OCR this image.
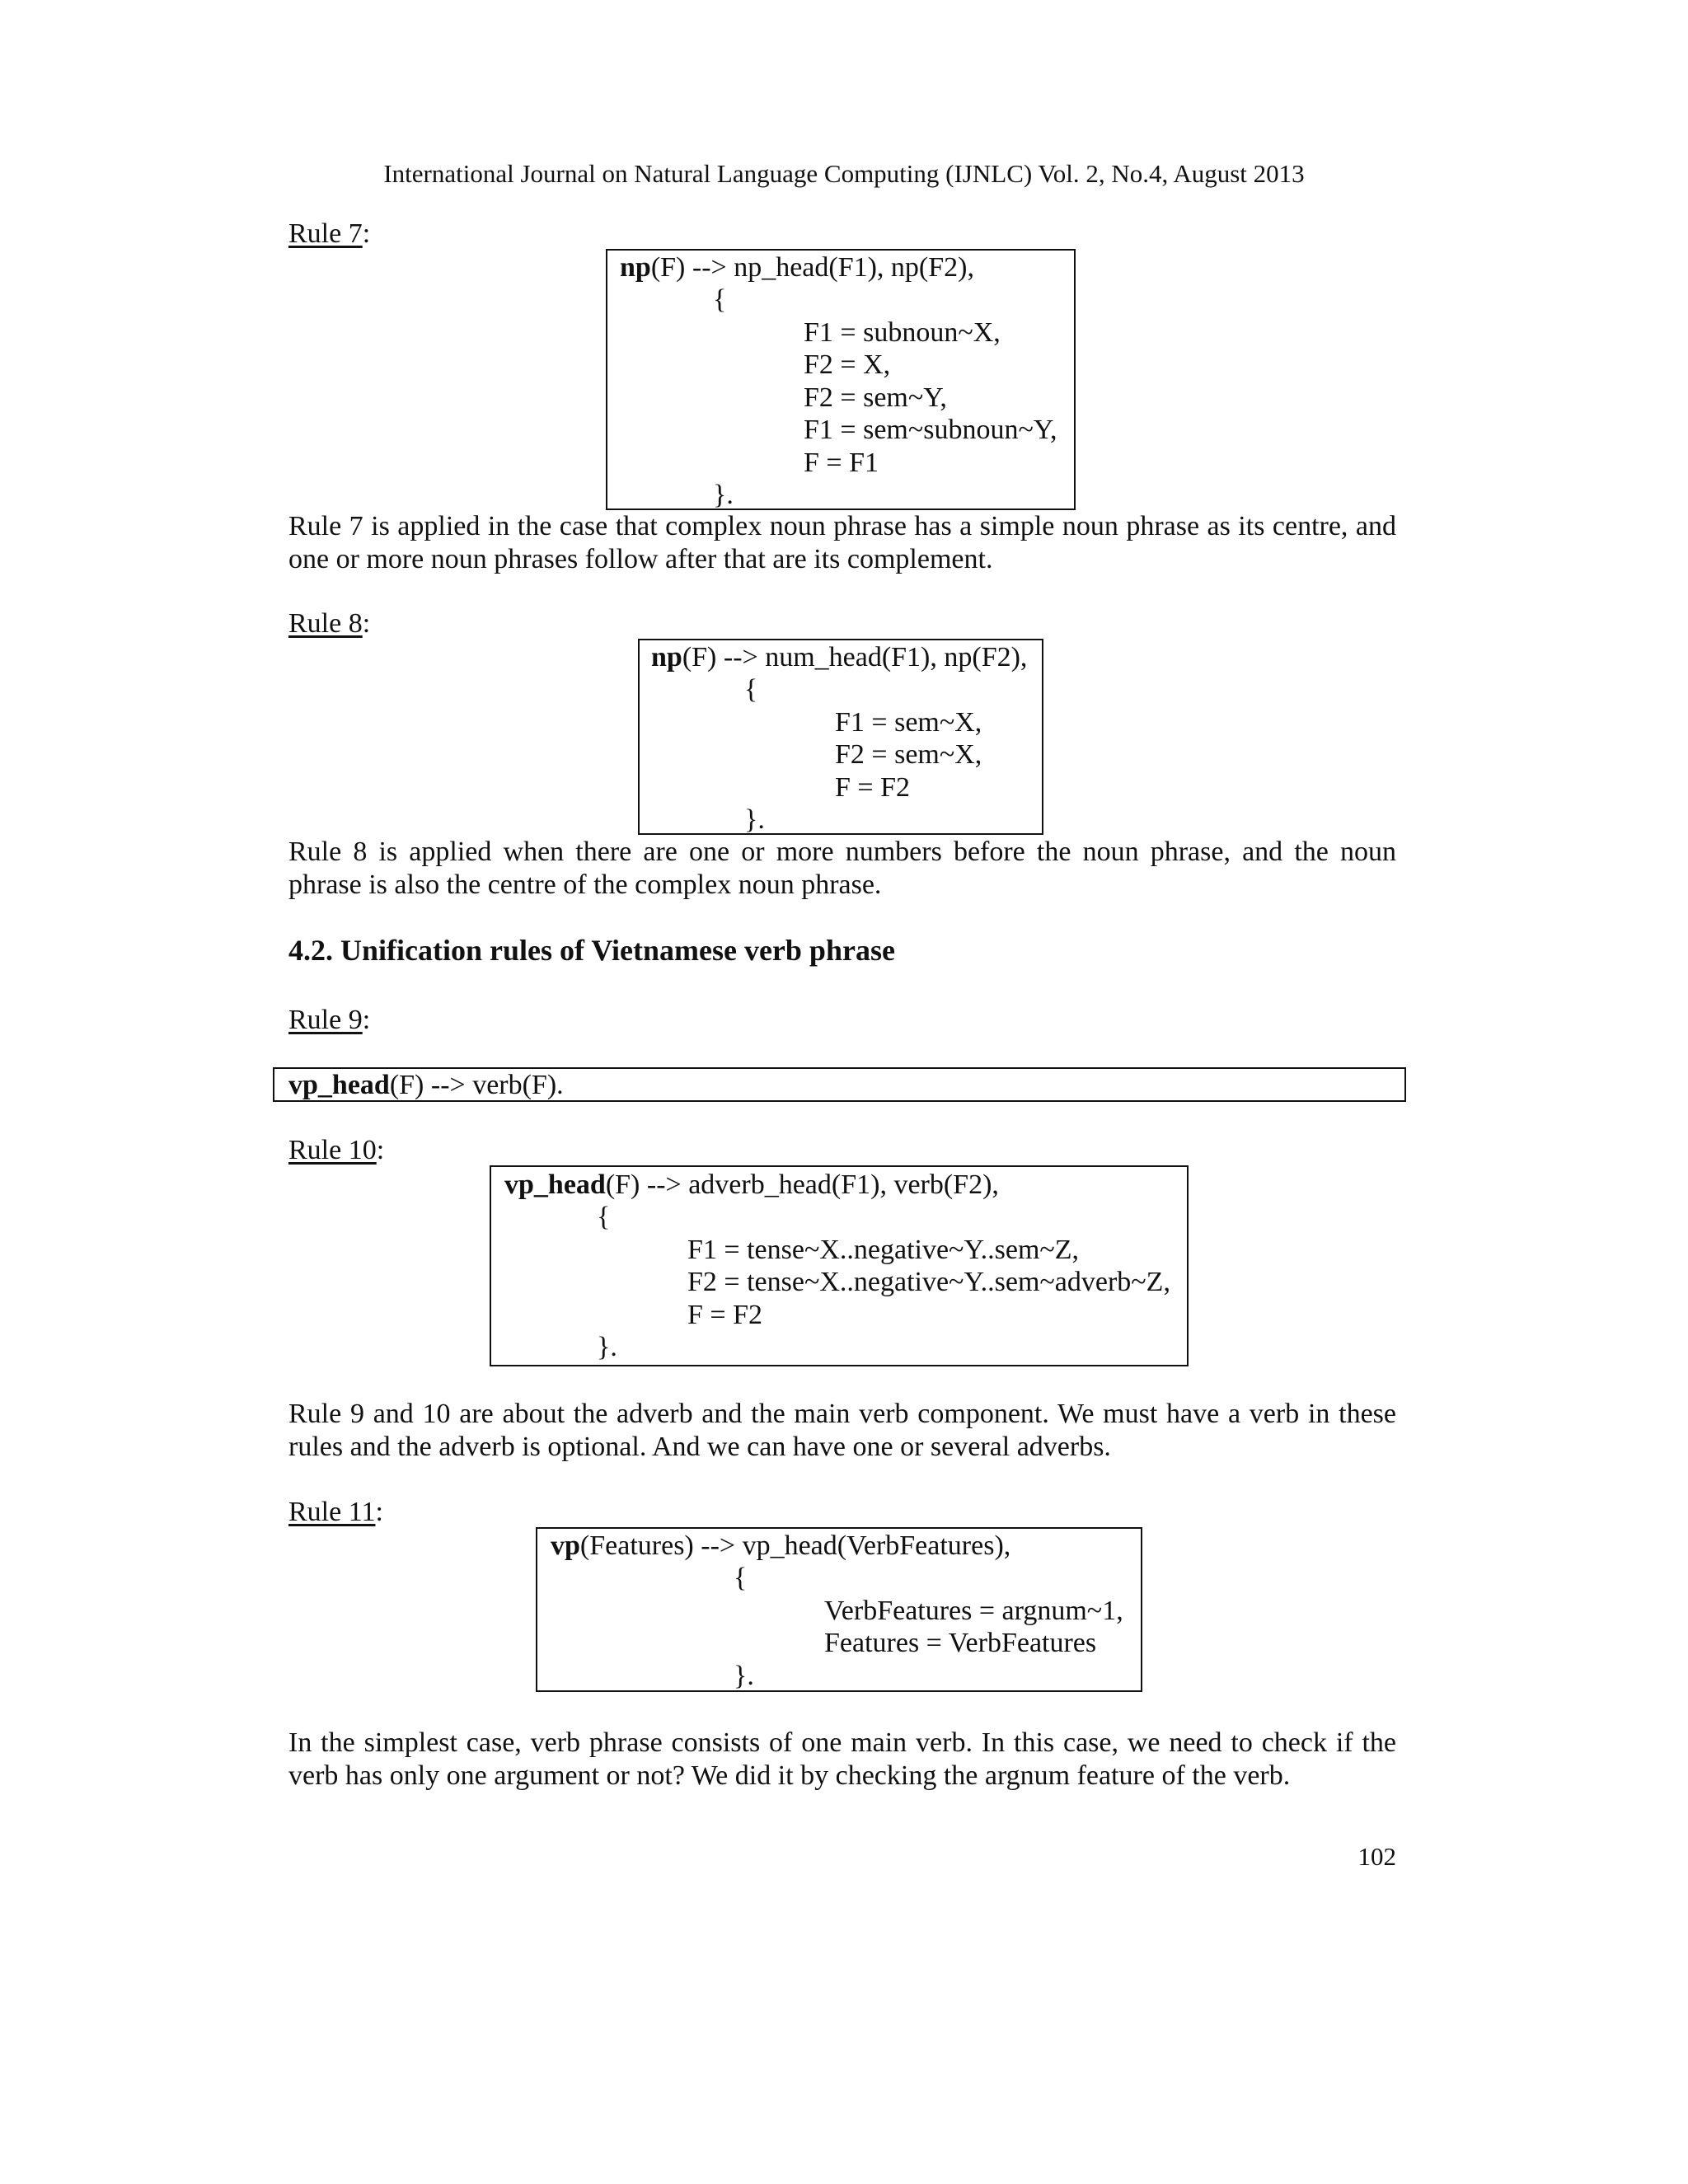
International Journal on Natural Language Computing (IJNLC) Vol. 2, No.4, August 2013
Rule 7:
np(F) --> np_head(F1), np(F2),
{
F1 = subnoun~X,
F2 = X,
F2 = sem~Y,
F1 = sem~subnoun~Y,
F = F1
}.

Rule 7 is applied in the case that complex noun phrase has a simple noun phrase as its centre, and

one or more noun phrases follow after that are its complement.

Rule 8:
np(F) --> num_head(F1), np(F2),
{
F1 = sem~X,
F2 = sem~X,
F = F2
}.

Rule 8 is applied when there are one or more numbers before the noun phrase, and the noun

phrase is also the centre of the complex noun phrase.

4.2. Unification rules of Vietnamese verb phrase
Rule 9:
vp_head(F) --> verb(F).
Rule 10:
vp_head(F) --> adverb_head(F1), verb(F2),
{
F1 = tense~X..negative~Y..sem~Z,
F2 = tense~X..negative~Y..sem~adverb~Z,
F = F2
}.

Rule 9 and 10 are about the adverb and the main verb component. We must have a verb in these

rules and the adverb is optional. And we can have one or several adverbs.

Rule 11:
vp(Features) --> vp_head(VerbFeatures),
{
VerbFeatures = argnum~1,
Features = VerbFeatures
}.

In the simplest case, verb phrase consists of one main verb. In this case, we need to check if the

verb has only one argument or not? We did it by checking the argnum feature of the verb.

102
